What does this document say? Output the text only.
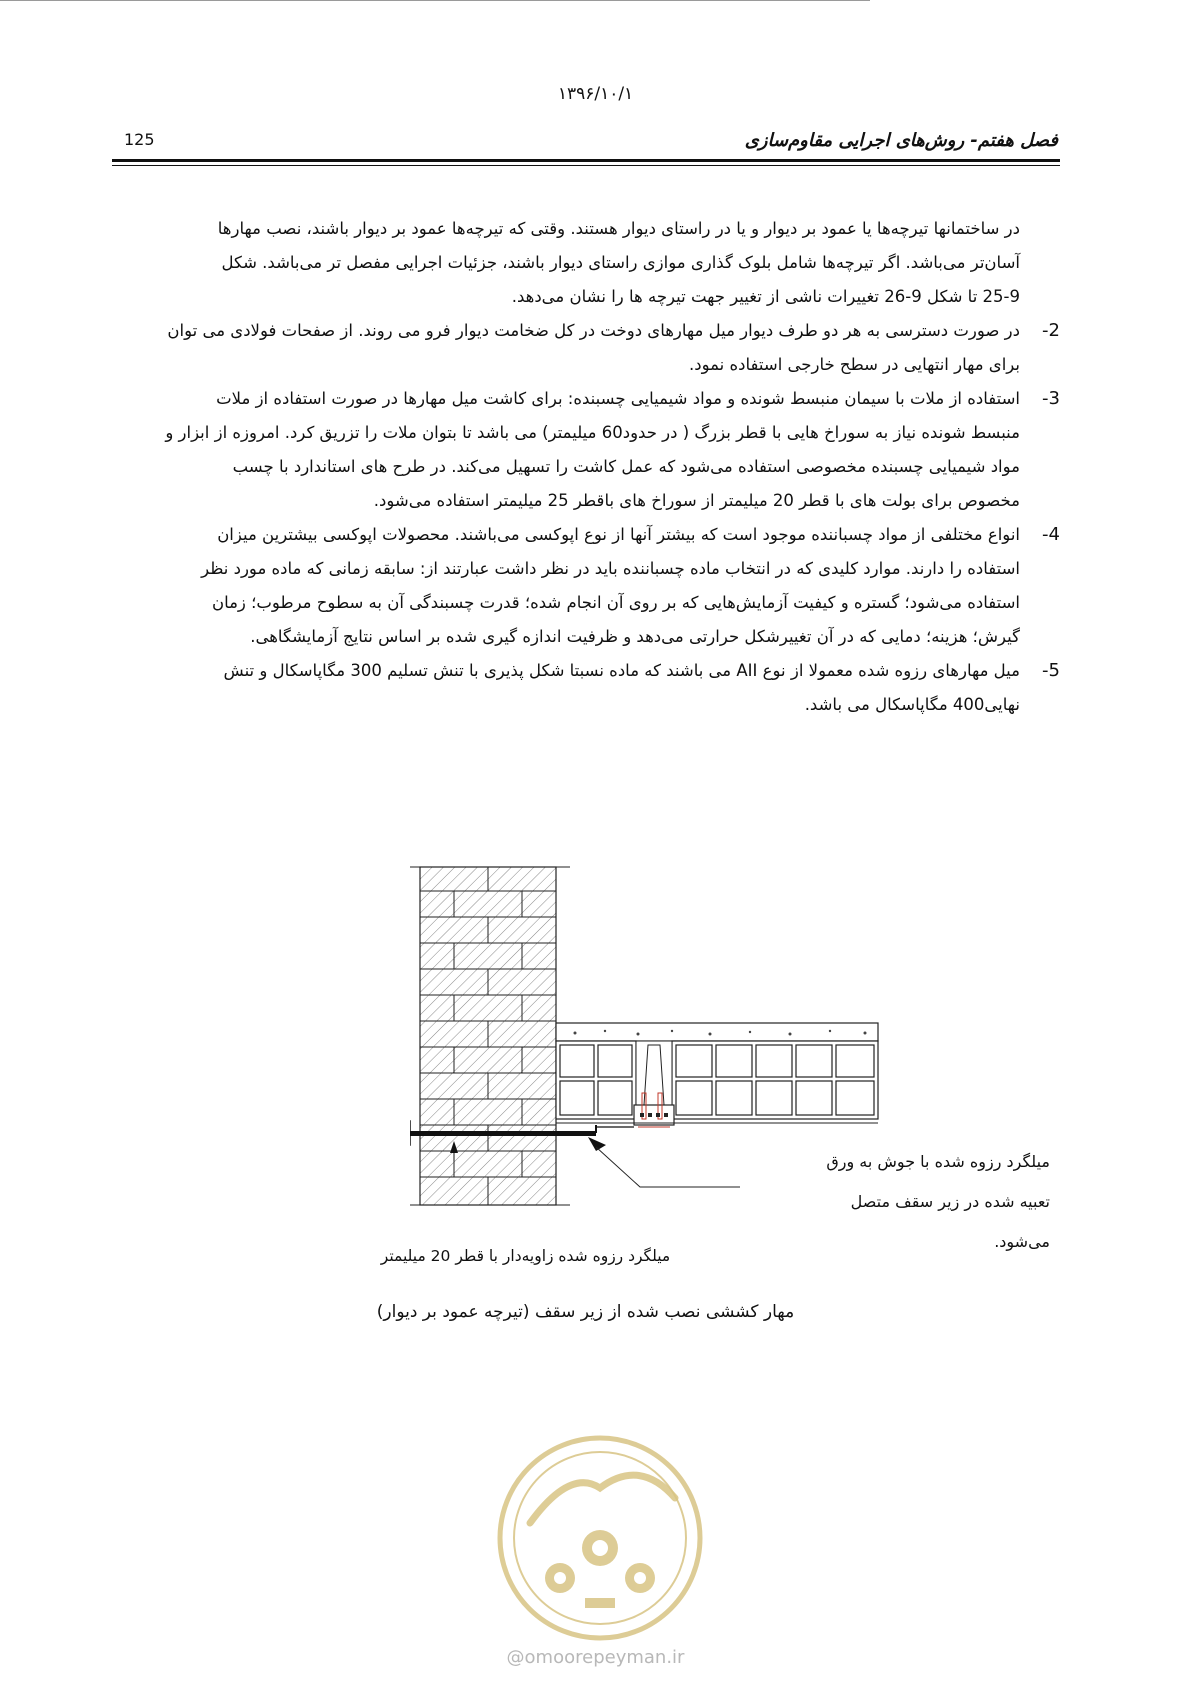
۱۳۹۶/۱۰/۱
125	فصل هفتم- روش‌های اجرایی مقاوم‌سازی
در ساختمانها تیرچه‌ها یا عمود بر دیوار و یا در راستای دیوار هستند. وقتی که تیرچه‌ها عمود بر دیوار باشند، نصب مهارها
آسان‌تر می‌باشد. اگر تیرچه‌ها شامل بلوک گذاری موازی راستای دیوار باشند، جزئیات اجرایی مفصل تر می‌باشد. شکل
25-9 تا شکل 9-26 تغییرات ناشی از تغییر جهت تیرچه ها را نشان می‌دهد.
-2
در صورت دسترسی به هر دو طرف دیوار میل مهارهای دوخت در کل ضخامت دیوار فرو می روند. از صفحات فولادی می توان
برای مهار انتهایی در سطح خارجی استفاده نمود.
-3
استفاده از ملات با سیمان منبسط شونده و مواد شیمیایی چسبنده: برای کاشت میل مهارها در صورت استفاده از ملات
منبسط شونده نیاز به سوراخ هایی با قطر بزرگ ( در حدود60 میلیمتر) می باشد تا بتوان ملات را تزریق کرد. امروزه از ابزار و
مواد شیمیایی چسبنده مخصوصی استفاده می‌شود که عمل کاشت را تسهیل می‌کند. در طرح های استاندارد با چسب
مخصوص برای بولت های با قطر 20 میلیمتر از سوراخ های باقطر 25 میلیمتر استفاده می‌شود.
-4
انواع مختلفی از مواد چسباننده موجود است که بیشتر آنها از نوع اپوکسی می‌باشند. محصولات اپوکسی بیشترین میزان
استفاده را دارند. موارد کلیدی که در انتخاب ماده چسباننده باید در نظر داشت عبارتند از: سابقه زمانی که ماده مورد نظر
استفاده می‌شود؛ گستره و کیفیت آزمایش‌هایی که بر روی آن انجام شده؛ قدرت چسبندگی آن به سطوح مرطوب؛ زمان
گیرش؛ هزینه؛ دمایی که در آن تغییرشکل حرارتی می‌دهد و ظرفیت اندازه گیری شده بر اساس نتایج آزمایشگاهی.
-5
میل مهارهای رزوه شده معمولا از نوع AII می باشند که ماده نسبتا شکل پذیری با تنش تسلیم 300 مگاپاسکال و تنش
نهایی400 مگاپاسکال می باشد.
میلگرد رزوه شده با جوش به ورق
تعبیه شده در زیر سقف متصل
می‌شود.
میلگرد رزوه شده زاویه‌دار با قطر 20 میلیمتر
مهار کششی نصب شده از زیر سقف (تیرچه عمود بر دیوار)
@omoorepeyman.ir
